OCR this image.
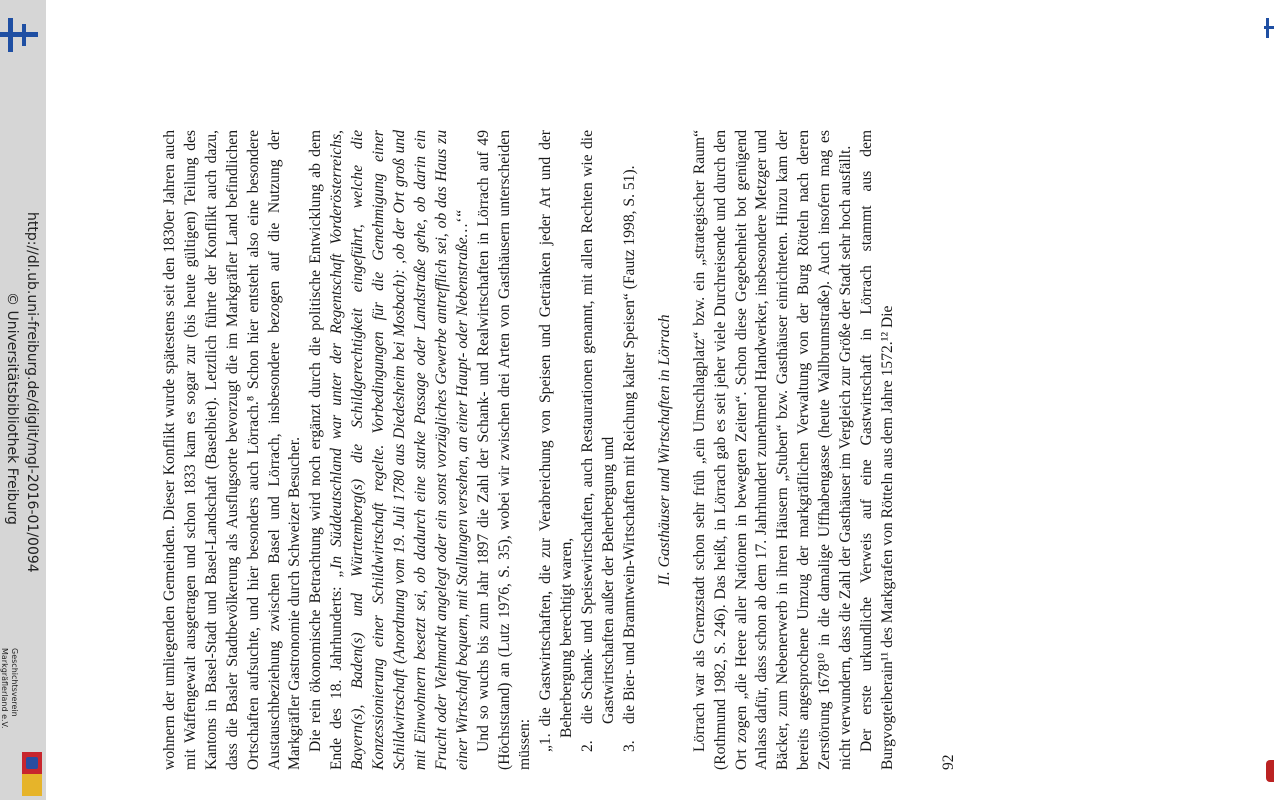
wohnern der umliegenden Gemeinden. Dieser Konflikt wurde spätestens seit den 1830er Jahren auch mit Waffengewalt ausgetragen und schon 1833 kam es sogar zur (bis heute gültigen) Teilung des Kantons in Basel-Stadt und Basel-Landschaft (Baselbiet). Letztlich führte der Konflikt auch dazu, dass die Basler Stadtbevölkerung als Ausflugsorte bevorzugt die im Markgräfler Land befindlichen Ortschaften aufsuchte, und hier besonders auch Lörrach.⁸ Schon hier entsteht also eine besondere Austauschbeziehung zwischen Basel und Lörrach, insbesondere bezogen auf die Nutzung der Markgräfler Gastronomie durch Schweizer Besucher. Die rein ökonomische Betrachtung wird noch ergänzt durch die politische Entwicklung ab dem Ende des 18. Jahrhunderts: „In Süddeutschland war unter der Regentschaft Vorderösterreichs, Bayern(s), Baden(s) und Württemberg(s) die Schildgerechtigkeit eingeführt, welche die Konzessionierung einer Schildwirtschaft regelte. Vorbedingungen für die Genehmigung einer Schildwirtschaft (Anordnung vom 19. Juli 1780 aus Diedesheim bei Mosbach): ‚ob der Ort groß und mit Einwohnern besetzt sei, ob dadurch eine starke Passage oder Landstraße gehe, ob darin ein Frucht oder Viehmarkt angelegt oder ein sonst vorzügliches Gewerbe antrefflich sei, ob das Haus zu einer Wirtschaft bequem, mit Stallungen versehen, an einer Haupt- oder Nebenstraße…‘“ Und so wuchs bis zum Jahr 1897 die Zahl der Schank- und Realwirtschaften in Lörrach auf 49 (Höchststand) an (Lutz 1976, S. 35), wobei wir zwischen drei Arten von Gasthäusern unterscheiden müssen: „1. die Gastwirtschaften, die zur Verabreichung von Speisen und Getränken jeder Art und der Beherbergung berechtigt waren,

2.die Schank- und Speisewirtschaften, auch Restaurationen genannt, mit allen Rechten wie die Gastwirtschaften außer der Beherbergung und

3.die Bier- und Branntwein-Wirtschaften mit Reichung kalter Speisen“ (Fautz 1998, S. 51). II. Gasthäuser und Wirtschaften in Lörrach Lörrach war als Grenzstadt schon sehr früh „ein Umschlagplatz“ bzw. ein „strategischer Raum“ (Rothmund 1982, S. 246). Das heißt, in Lörrach gab es seit jeher viele Durchreisende und durch den Ort zogen „die Heere aller Nationen in bewegten Zeiten“. Schon diese Gegebenheit bot genügend Anlass dafür, dass schon ab dem 17. Jahrhundert zunehmend Handwerker, insbesondere Metzger und Bäcker, zum Nebenerwerb in ihren Häusern „Stuben“ bzw. Gasthäuser einrichteten. Hinzu kam der bereits angesprochene Umzug der markgräflichen Verwaltung von der Burg Rötteln nach deren Zerstörung 1678¹⁰ in die damalige Uffhabengasse (heute Wallbrunnstraße). Auch insofern mag es nicht verwundern, dass die Zahl der Gasthäuser im Vergleich zur Größe der Stadt sehr hoch ausfällt. Der erste urkundliche Verweis auf eine Gastwirtschaft in Lörrach stammt aus dem Burgvogteiberain¹¹ des Markgrafen von Rötteln aus dem Jahre 1572.¹² Die	92

http://dl.ub.uni-freiburg.de/diglit/mgl-2016-01/0094
© Universitätsbibliothek Freiburg
Geschichtsverein
Markgräflerland e.V.
